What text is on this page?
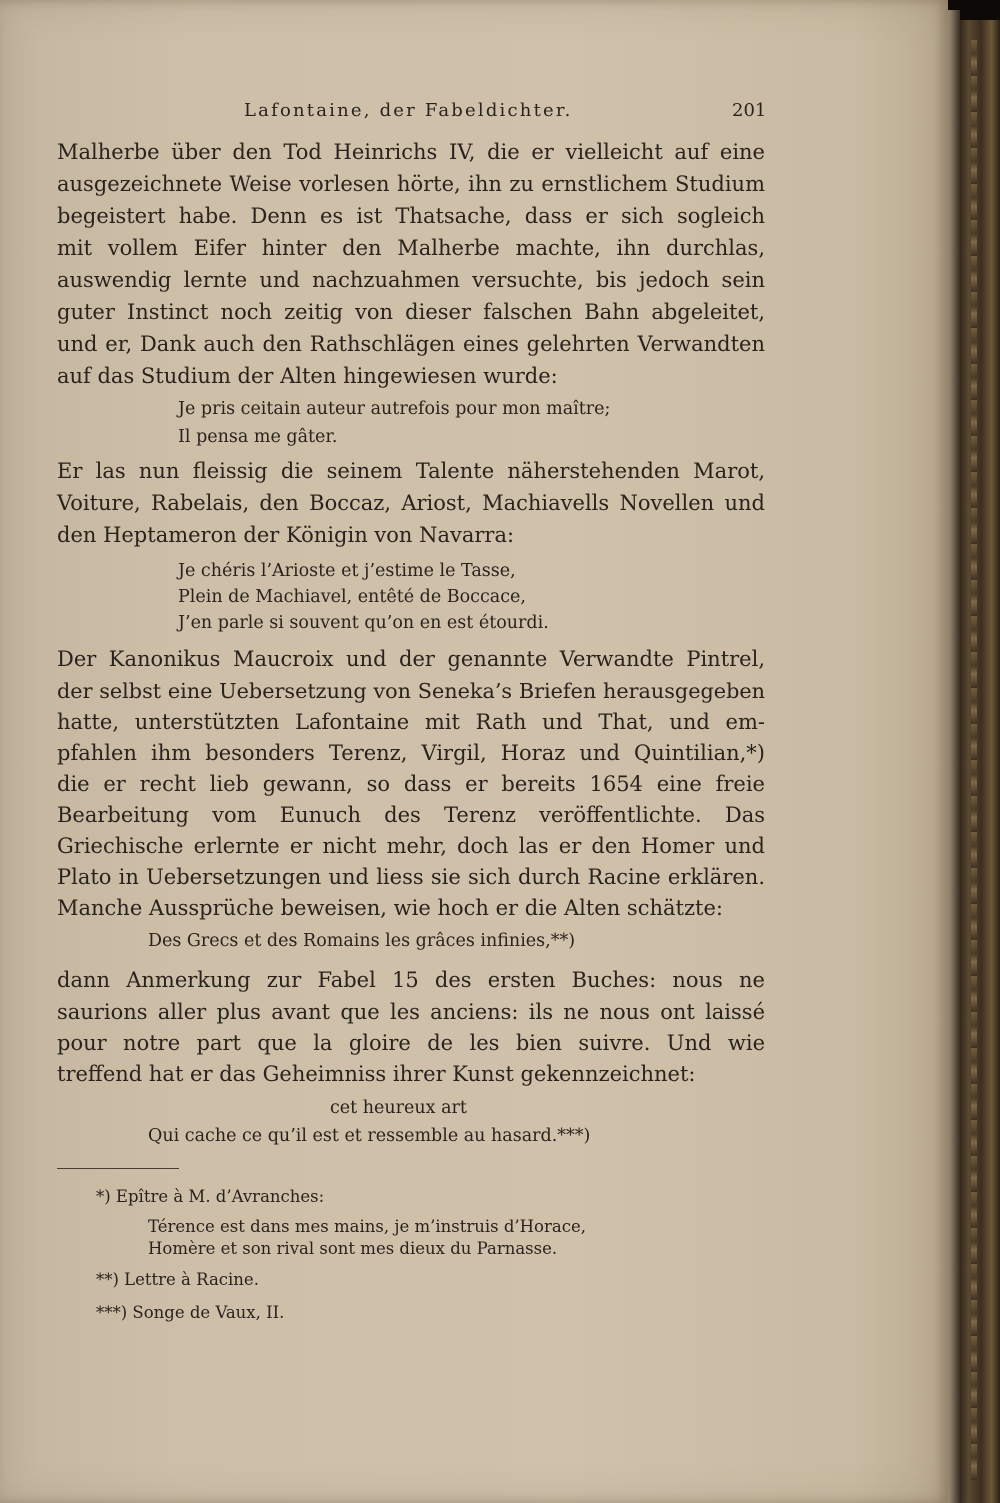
Lafontaine, der Fabeldichter.	201
Malherbe über den Tod Heinrichs IV, die er vielleicht auf eine
ausgezeichnete Weise vorlesen hörte, ihn zu ernstlichem Studium
begeistert habe. Denn es ist Thatsache, dass er sich sogleich
mit vollem Eifer hinter den Malherbe machte, ihn durchlas,
auswendig lernte und nachzuahmen versuchte, bis jedoch sein
guter Instinct noch zeitig von dieser falschen Bahn abgeleitet,
und er, Dank auch den Rathschlägen eines gelehrten Verwandten
auf das Studium der Alten hingewiesen wurde:
Je pris ceitain auteur autrefois pour mon maître;
Il pensa me gâter.
Er las nun fleissig die seinem Talente näherstehenden Marot,
Voiture, Rabelais, den Boccaz, Ariost, Machiavells Novellen und
den Heptameron der Königin von Navarra:
Je chéris l’Arioste et j’estime le Tasse,
Plein de Machiavel, entêté de Boccace,
J’en parle si souvent qu’on en est étourdi.
Der Kanonikus Maucroix und der genannte Verwandte Pintrel,
der selbst eine Uebersetzung von Seneka’s Briefen herausgegeben
hatte, unterstützten Lafontaine mit Rath und That, und em-
pfahlen ihm besonders Terenz, Virgil, Horaz und Quintilian,*)
die er recht lieb gewann, so dass er bereits 1654 eine freie
Bearbeitung vom Eunuch des Terenz veröffentlichte. Das
Griechische erlernte er nicht mehr, doch las er den Homer und
Plato in Uebersetzungen und liess sie sich durch Racine erklären.
Manche Aussprüche beweisen, wie hoch er die Alten schätzte:
Des Grecs et des Romains les grâces infinies,**)
dann Anmerkung zur Fabel 15 des ersten Buches: nous ne
saurions aller plus avant que les anciens: ils ne nous ont laissé
pour notre part que la gloire de les bien suivre. Und wie
treffend hat er das Geheimniss ihrer Kunst gekennzeichnet:
cet heureux art
Qui cache ce qu’il est et ressemble au hasard.***)
*) Epître à M. d’Avranches:
Térence est dans mes mains, je m’instruis d’Horace,
Homère et son rival sont mes dieux du Parnasse.
**) Lettre à Racine.
***) Songe de Vaux, II.
